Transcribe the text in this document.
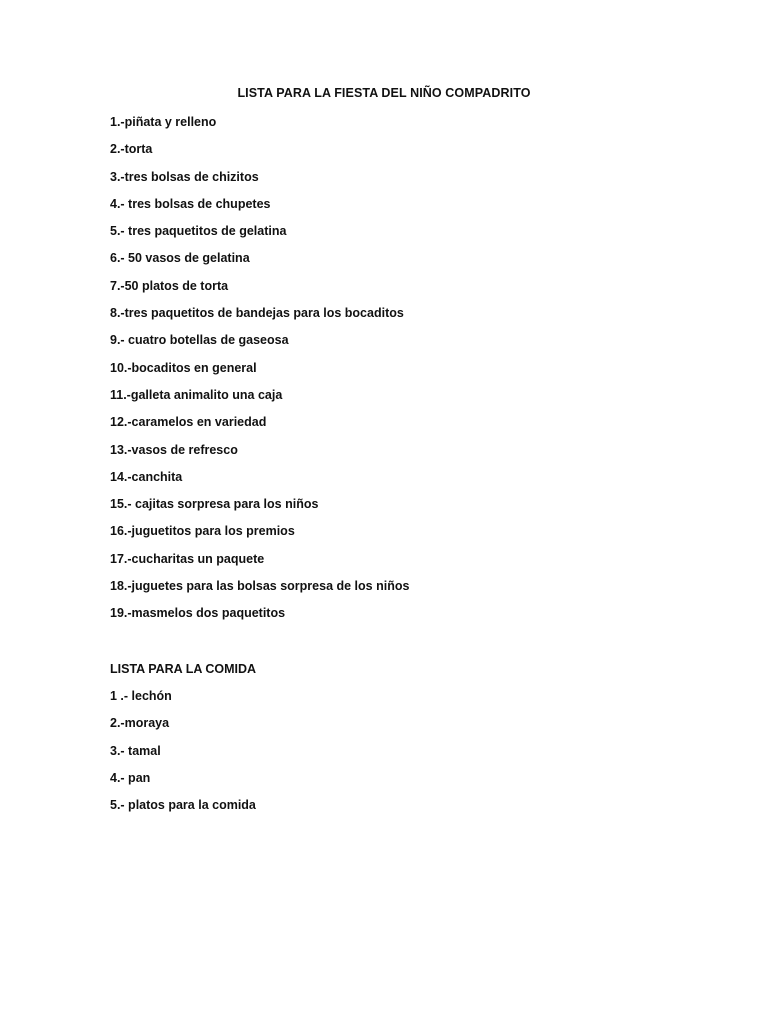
LISTA PARA LA FIESTA DEL NIÑO COMPADRITO
1.-piñata y relleno
2.-torta
3.-tres bolsas de chizitos
4.- tres bolsas de chupetes
5.- tres paquetitos de gelatina
6.- 50 vasos de gelatina
7.-50 platos de torta
8.-tres paquetitos de bandejas para los bocaditos
9.- cuatro botellas de gaseosa
10.-bocaditos en general
11.-galleta animalito una caja
12.-caramelos en variedad
13.-vasos de refresco
14.-canchita
15.- cajitas sorpresa para los niños
16.-juguetitos para los premios
17.-cucharitas un paquete
18.-juguetes para las bolsas sorpresa de los niños
19.-masmelos dos paquetitos
LISTA PARA LA COMIDA
1 .- lechón
2.-moraya
3.- tamal
4.- pan
5.- platos para la comida
